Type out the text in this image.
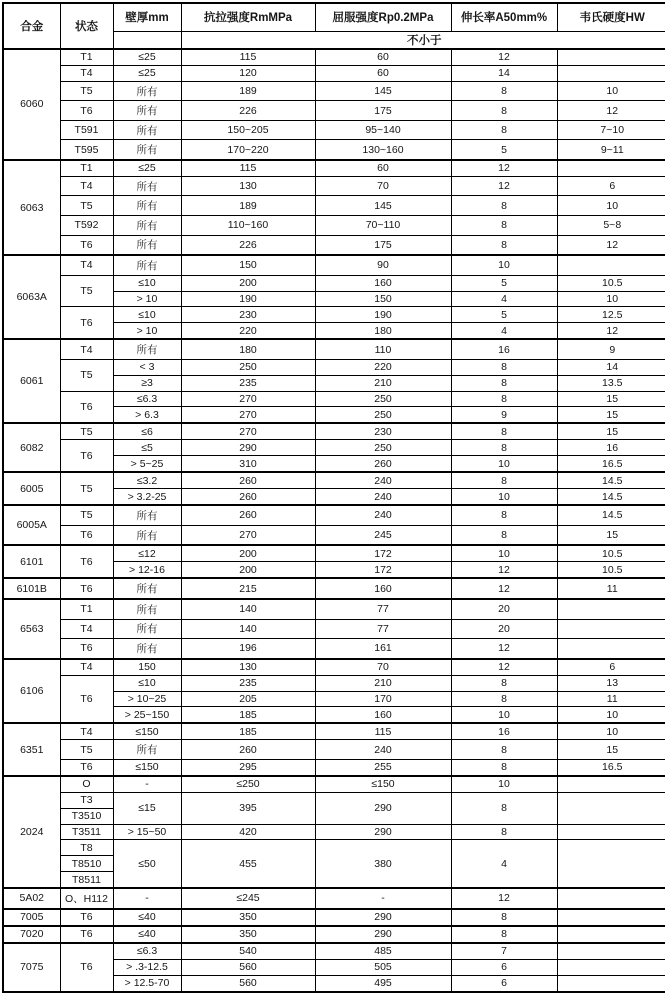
合金	状态	壁厚mm	抗拉强度RmMPa	屈服强度Rp0.2MPa	伸长率A50mm%	韦氏硬度HW
			不小于			
6060	T1	≤25	115	60	12	
	T4	≤25	120	60	14	
	T5	所有	189	145	8	10
	T6	所有	226	175	8	12
	T591	所有	150~205	95~140	8	7~10
	T595	所有	170~220	130~160	5	9~11
6063	T1	≤25	115	60	12	
	T4	所有	130	70	12	6
	T5	所有	189	145	8	10
	T592	所有	110~160	70~110	8	5~8
	T6	所有	226	175	8	12
6063A	T4	所有	150	90	10	
	T5	≤10	200	160	5	10.5
		> 10	190	150	4	10
	T6	≤10	230	190	5	12.5
		> 10	220	180	4	12
6061	T4	所有	180	110	16	9
	T5	< 3	250	220	8	14
		≥3	235	210	8	13.5
	T6	≤6.3	270	250	8	15
		> 6.3	270	250	9	15
6082	T5	≤6	270	230	8	15
	T6	≤5	290	250	8	16
		> 5~25	310	260	10	16.5
6005	T5	≤3.2	260	240	8	14.5
		> 3.2-25	260	240	10	14.5
6005A	T5	所有	260	240	8	14.5
	T6	所有	270	245	8	15
6101	T6	≤12	200	172	10	10.5
		> 12-16	200	172	12	10.5
6101B	T6	所有	215	160	12	11
6563	T1	所有	140	77	20	
	T4	所有	140	77	20	
	T6	所有	196	161	12	
6106	T4	150	130	70	12	6
	T6	≤10	235	210	8	13
		> 10~25	205	170	8	11
		> 25~150	185	160	10	10
6351	T4	≤150	185	115	16	10
	T5	所有	260	240	8	15
	T6	≤150	295	255	8	16.5
2024	O	-	≤250	≤150	10	
	T3	≤15	395	290	8	
	T3510					
	T3511	> 15~50	420	290	8	
	T8	≤50	455	380	4	
	T8510					
	T8511					
5A02	O、H112	-	≤245	-	12	
7005	T6	≤40	350	290	8	
7020	T6	≤40	350	290	8	
7075	T6	≤6.3	540	485	7	
		> .3-12.5	560	505	6	
		> 12.5-70	560	495	6	
